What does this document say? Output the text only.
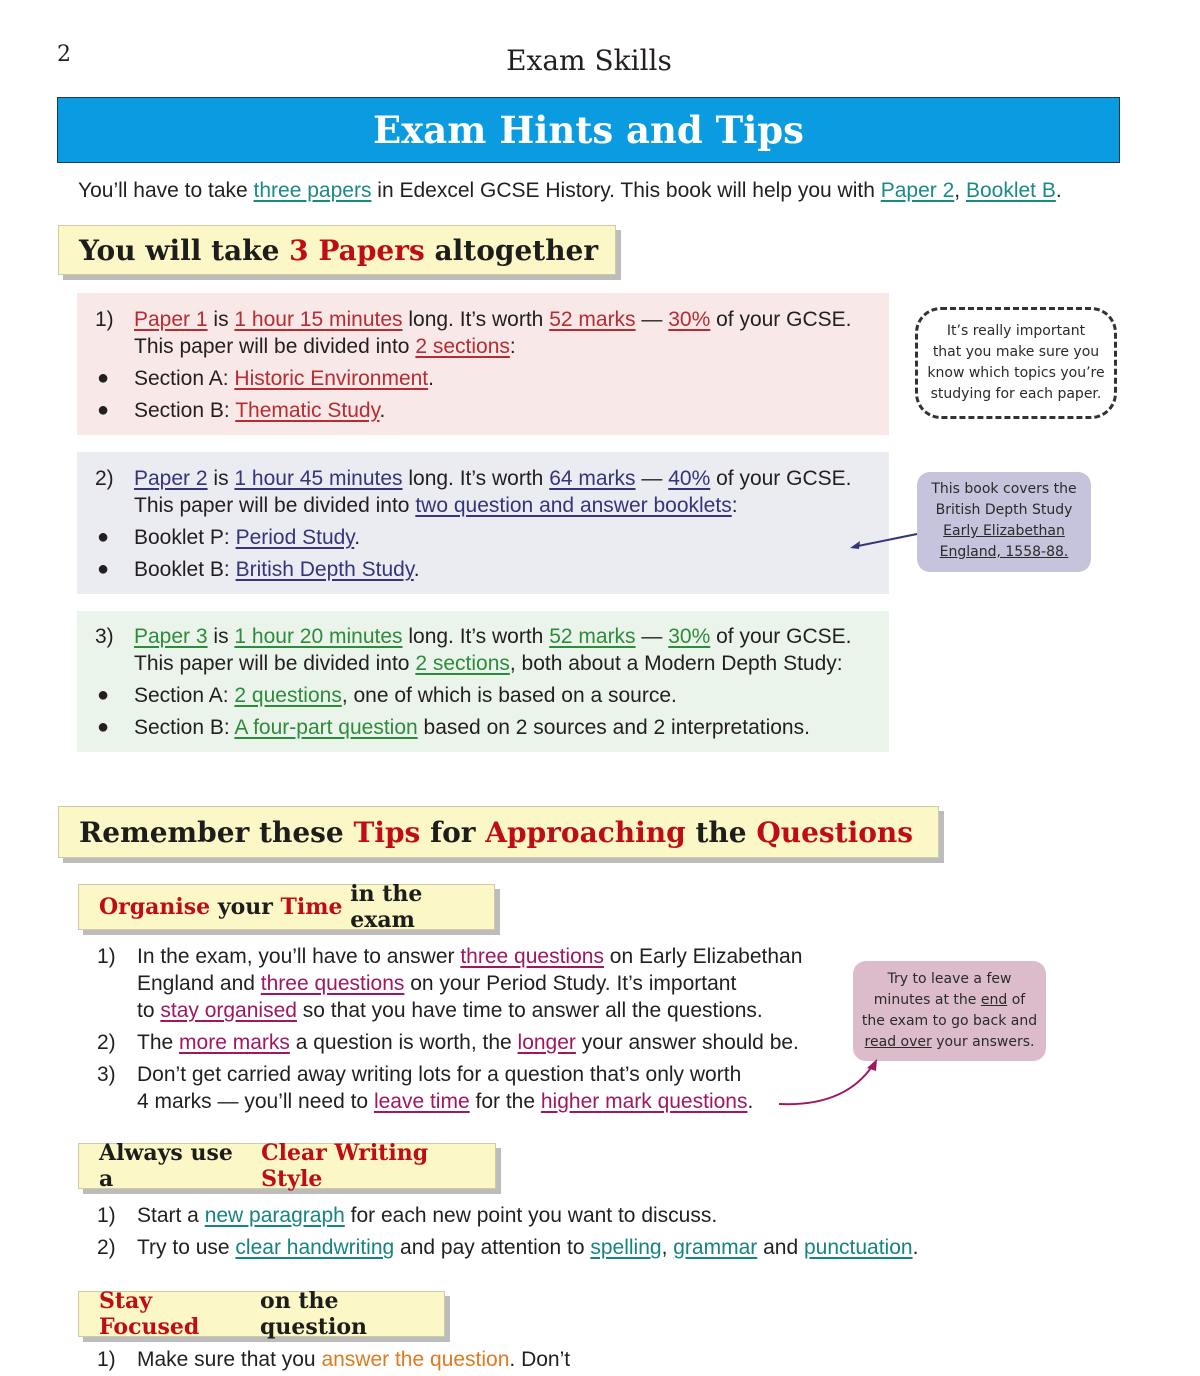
2	Exam Skills
Exam Hints and Tips
You’ll have to take three papers in Edexcel GCSE History. This book will help you with Paper 2, Booklet B.
You will take
3 Papers
altogether
1) Paper 1 is 1 hour 15 minutes long. It’s worth 52 marks — 30% of your GCSE.
This paper will be divided into 2 sections:
● Section A: Historic Environment.
● Section B: Thematic Study.
2) Paper 2 is 1 hour 45 minutes long. It’s worth 64 marks — 40% of your GCSE.
This paper will be divided into two question and answer booklets:
● Booklet P: Period Study.
● Booklet B: British Depth Study.
3) Paper 3 is 1 hour 20 minutes long. It’s worth 52 marks — 30% of your GCSE.
This paper will be divided into 2 sections, both about a Modern Depth Study:
● Section A: 2 questions, one of which is based on a source.
● Section B: A four-part question based on 2 sources and 2 interpretations.
It’s really important
that you make sure you
know which topics you’re
studying for each paper.
This book covers the
British Depth Study
Early Elizabethan
England, 1558-88.
Remember these
Tips
for
Approaching
the
Questions
Organise
your
Time
in the exam
1) In the exam, you’ll have to answer three questions on Early Elizabethan
England and three questions on your Period Study. It’s important
to stay organised so that you have time to answer all the questions.
2) The more marks a question is worth, the longer your answer should be.
3) Don’t get carried away writing lots for a question that’s only worth
4 marks — you’ll need to leave time for the higher mark questions.
Try to leave a few
minutes at the end of
the exam to go back and
read over your answers.
Always use a

Clear Writing Style
1) Start a new paragraph for each new point you want to discuss.
2) Try to use clear handwriting and pay attention to spelling, grammar and punctuation.
Stay Focused

on the question
1) Make sure that you answer the question. Don’t
